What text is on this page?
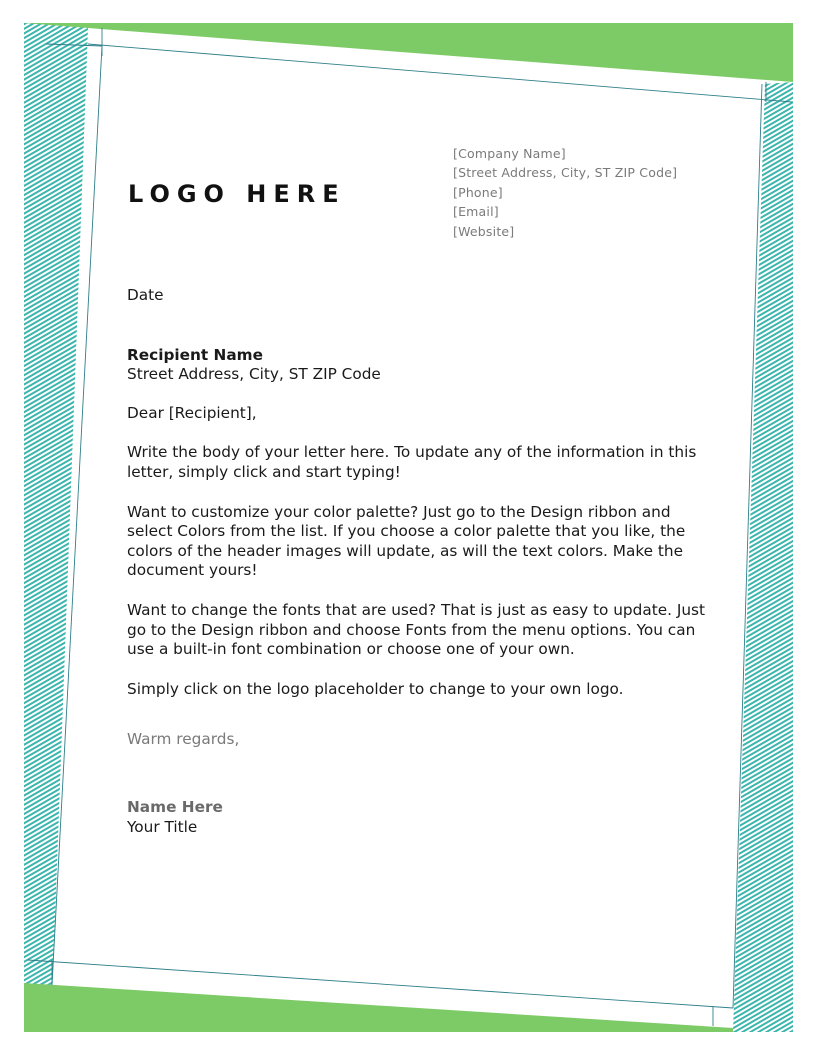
LOGO HERE
[Company Name]
[Street Address, City, ST ZIP Code]
[Phone]
[Email]
[Website]

Date

Recipient Name

Street Address, City, ST ZIP Code

Dear [Recipient],

Write the body of your letter here. To update any of the information in this letter, simply click and start typing!

Want to customize your color palette? Just go to the Design ribbon and select Colors from the list. If you choose a color palette that you like, the colors of the header images will update, as will the text colors. Make the document yours!

Want to change the fonts that are used? That is just as easy to update. Just go to the Design ribbon and choose Fonts from the menu options. You can use a built-in font combination or choose one of your own.

Simply click on the logo placeholder to change to your own logo.

Warm regards,

Name Here

Your Title
